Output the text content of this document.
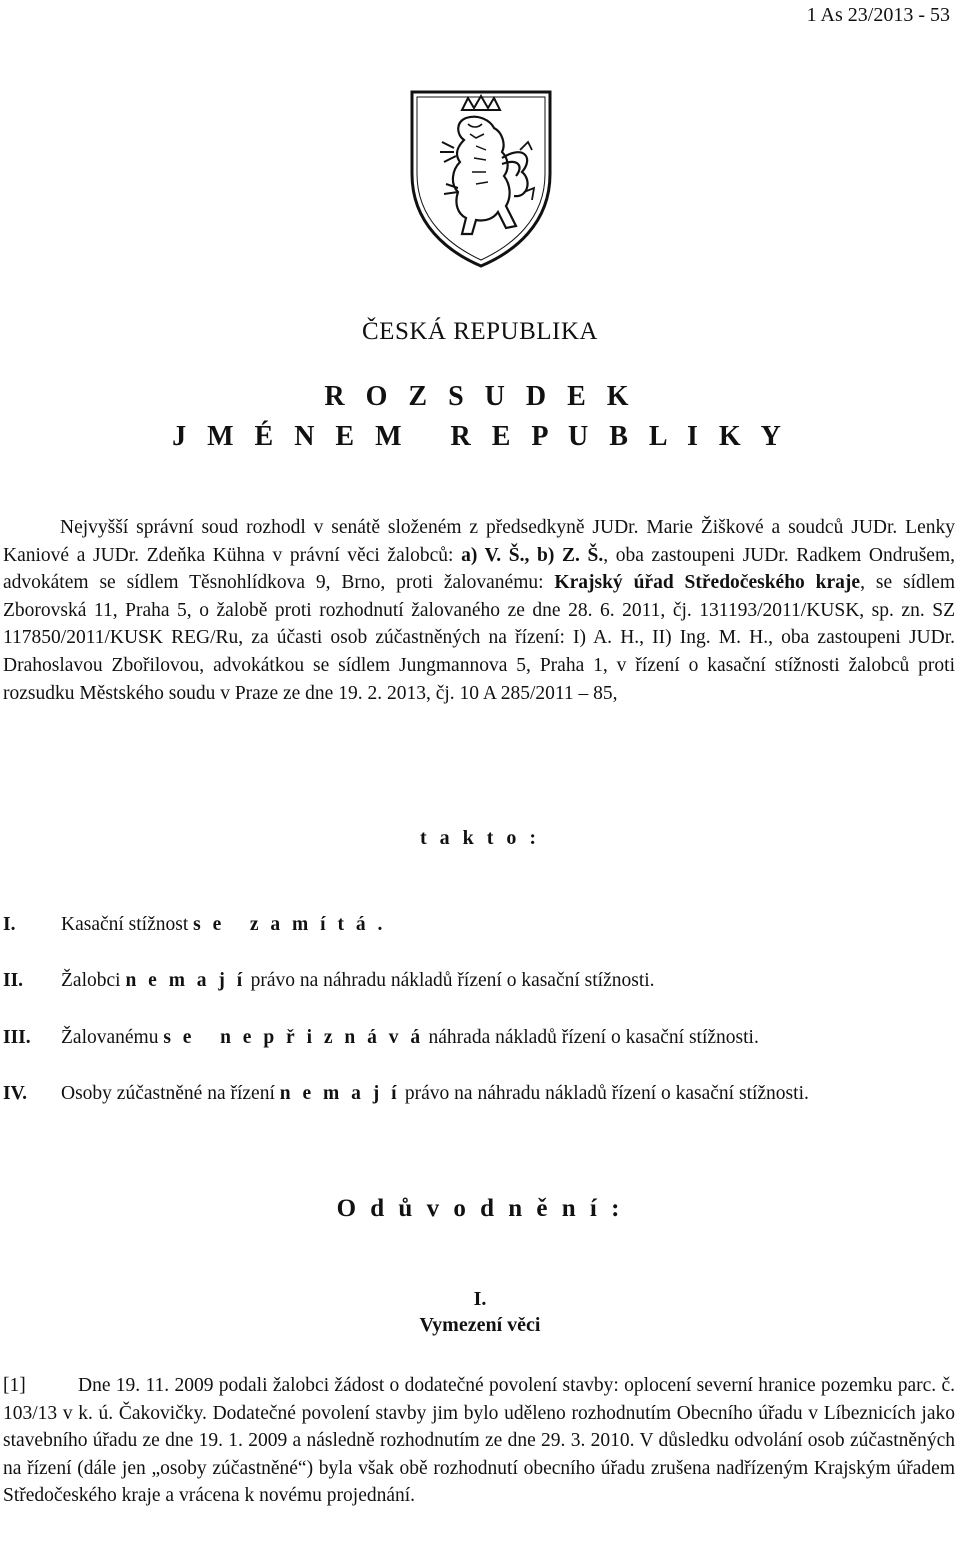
1 As 23/2013 - 53
ČESKÁ REPUBLIKA
R O Z S U D E K
J M É N E M   R E P U B L I K Y
Nejvyšší správní soud rozhodl v senátě složeném z předsedkyně JUDr. Marie Žiškové a soudců JUDr. Lenky Kaniové a JUDr. Zdeňka Kühna v právní věci žalobců: a) V. Š., b) Z. Š., oba zastoupeni JUDr. Radkem Ondrušem, advokátem se sídlem Těsnohlídkova 9, Brno, proti žalovanému: Krajský úřad Středočeského kraje, se sídlem Zborovská 11, Praha 5, o žalobě proti rozhodnutí žalovaného ze dne 28. 6. 2011, čj. 131193/2011/KUSK, sp. zn. SZ 117850/2011/KUSK REG/Ru, za účasti osob zúčastněných na řízení: I) A. H., II) Ing. M. H., oba zastoupeni JUDr. Drahoslavou Zbořilovou, advokátkou se sídlem Jungmannova 5, Praha 1, v řízení o kasační stížnosti žalobců proti rozsudku Městského soudu v Praze ze dne 19. 2. 2013, čj. 10 A 285/2011 – 85,
t a k t o :
I. Kasační stížnost s e   z a m í t á .
II. Žalobci n e m a j í právo na náhradu nákladů řízení o kasační stížnosti.
III. Žalovanému s e   n e p ř i z n á v á náhrada nákladů řízení o kasační stížnosti.
IV. Osoby zúčastněné na řízení n e m a j í právo na náhradu nákladů řízení o kasační stížnosti.
O d ů v o d n ě n í :
I.
Vymezení věci
[1]	Dne 19. 11. 2009 podali žalobci žádost o dodatečné povolení stavby: oplocení severní hranice pozemku parc. č. 103/13 v k. ú. Čakovičky. Dodatečné povolení stavby jim bylo uděleno rozhodnutím Obecního úřadu v Líbeznicích jako stavebního úřadu ze dne 19. 1. 2009 a následně rozhodnutím ze dne 29. 3. 2010. V důsledku odvolání osob zúčastněných na řízení (dále jen „osoby zúčastněné“) byla však obě rozhodnutí obecního úřadu zrušena nadřízeným Krajským úřadem Středočeského kraje a vrácena k novému projednání.
